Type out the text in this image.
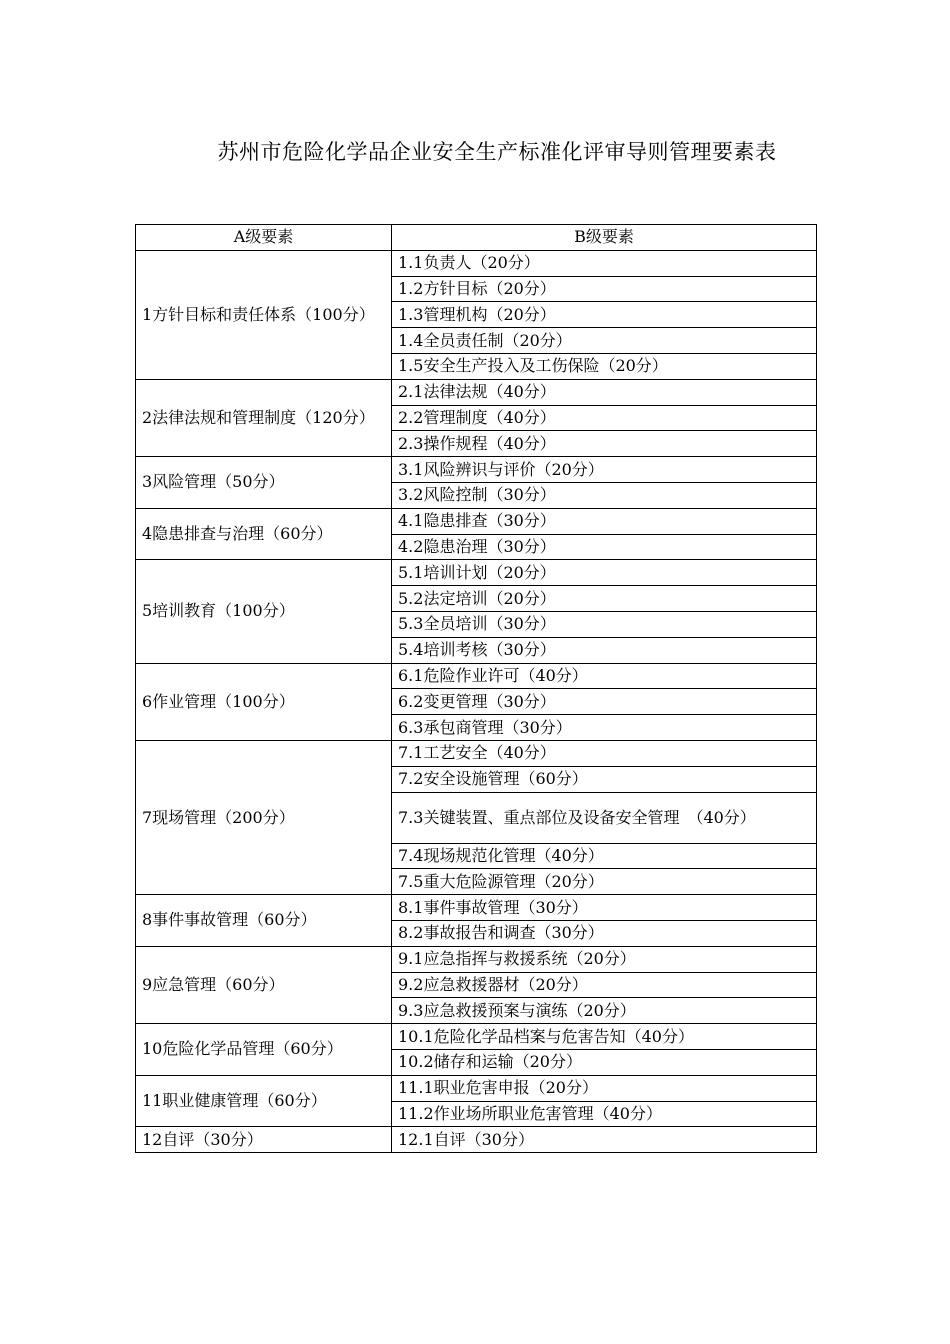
苏州市危险化学品企业安全生产标准化评审导则管理要素表
A级要素	B级要素
1方针目标和责任体系（100分）	1.1负责人（20分）
	1.2方针目标（20分）
	1.3管理机构（20分）
	1.4全员责任制（20分）
	1.5安全生产投入及工伤保险（20分）
2法律法规和管理制度（120分）	2.1法律法规（40分）
	2.2管理制度（40分）
	2.3操作规程（40分）
3风险管理（50分）	3.1风险辨识与评价（20分）
	3.2风险控制（30分）
4隐患排查与治理（60分）	4.1隐患排查（30分）
	4.2隐患治理（30分）
5培训教育（100分）	5.1培训计划（20分）
	5.2法定培训（20分）
	5.3全员培训（30分）
	5.4培训考核（30分）
6作业管理（100分）	6.1危险作业许可（40分）
	6.2变更管理（30分）
	6.3承包商管理（30分）
7现场管理（200分）	7.1工艺安全（40分）
	7.2安全设施管理（60分）
	7.3关键装置、重点部位及设备安全管理　（40分）
	7.4现场规范化管理（40分）
	7.5重大危险源管理（20分）
8事件事故管理（60分）	8.1事件事故管理（30分）
	8.2事故报告和调查（30分）
9应急管理（60分）	9.1应急指挥与救援系统（20分）
	9.2应急救援器材（20分）
	9.3应急救援预案与演练（20分）
10危险化学品管理（60分）	10.1危险化学品档案与危害告知（40分）
	10.2储存和运输（20分）
11职业健康管理（60分）	11.1职业危害申报（20分）
	11.2作业场所职业危害管理（40分）
12自评（30分）	12.1自评（30分）
